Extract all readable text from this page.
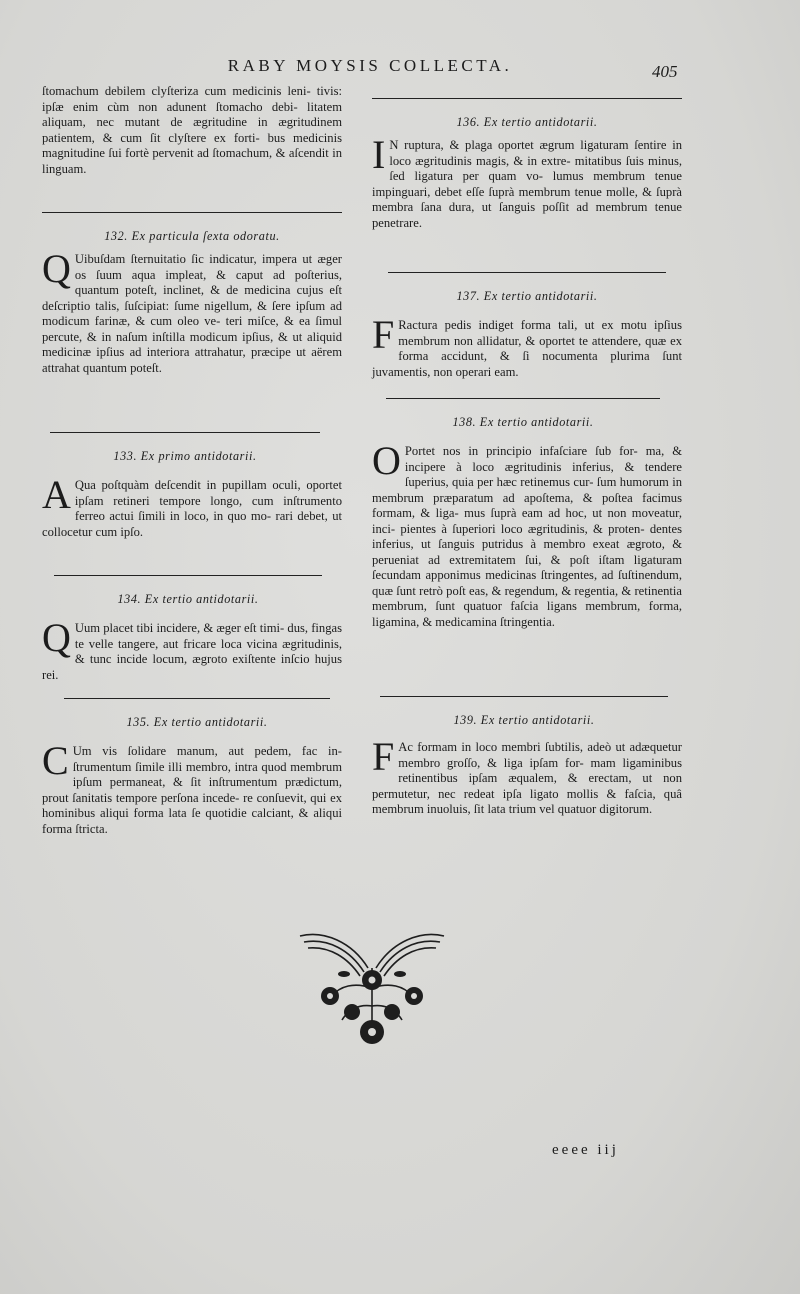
RABY MOYSIS COLLECTA.	405

ſtomachum debilem clyſteriza cum medicinis leni- tivis: ipſæ enim cùm non adunent ſtomacho debi- litatem aliquam, nec mutant de ægritudine in ægritudinem patientem, & cum ſit clyſtere ex forti- bus medicinis magnitudine ſui fortè pervenit ad ſtomachum, & aſcendit in linguam.

132. Ex particula ſexta odoratu.

Q Uibuſdam ſternuitatio ſic indicatur, impera ut æger os ſuum aqua impleat, & caput ad poſterius, quantum poteſt, inclinet, & de medicina cujus eſt deſcriptio talis, ſuſcipiat: ſume nigellum, & ſere ipſum ad modicum farinæ, & cum oleo ve- teri miſce, & ea ſimul percute, & in naſum inſtilla modicum ipſius, & ut aliquid medicinæ ipſius ad interiora attrahatur, præcipe ut aërem attrahat quantum poteſt.

133. Ex primo antidotarii.

A Qua poſtquàm deſcendit in pupillam oculi, oportet ipſam retineri tempore longo, cum inſtrumento ferreo actui ſimili in loco, in quo mo- rari debet, ut collocetur cum ipſo.

134. Ex tertio antidotarii.

Q Uum placet tibi incidere, & æger eſt timi- dus, fingas te velle tangere, aut fricare loca vicina ægritudinis, & tunc incide locum, ægroto exiſtente inſcio hujus rei.

135. Ex tertio antidotarii.

C Um vis ſolidare manum, aut pedem, fac in- ſtrumentum ſimile illi membro, intra quod membrum ipſum permaneat, & ſit inſtrumentum prædictum, prout ſanitatis tempore perſona incede- re conſuevit, qui ex hominibus aliqui forma lata ſe quotidie calciant, & aliqui forma ſtricta.

136. Ex tertio antidotarii.

I N ruptura, & plaga oportet ægrum ligaturam ſentire in loco ægritudinis magis, & in extre- mitatibus ſuis minus, ſed ligatura per quam vo- lumus membrum tenue impinguari, debet eſſe ſuprà membrum tenue molle, & ſuprà membra ſana dura, ut ſanguis poſſit ad membrum tenue penetrare.

137. Ex tertio antidotarii.

F Ractura pedis indiget forma tali, ut ex motu ipſius membrum non allidatur, & oportet te attendere, quæ ex forma accidunt, & ſi nocumenta plurima ſunt juvamentis, non operari eam.

138. Ex tertio antidotarii.

O Portet nos in principio infaſciare ſub for- ma, & incipere à loco ægritudinis inferius, & tendere ſuperius, quia per hæc retinemus cur- ſum humorum in membrum præparatum ad apoſtema, & poſtea facimus formam, & liga- mus ſuprà eam ad hoc, ut non moveatur, inci- pientes à ſuperiori loco ægritudinis, & proten- dentes inferius, ut ſanguis putridus à membro exeat ægroto, & perueniat ad extremitatem ſui, & poſt iſtam ligaturam ſecundam apponimus medicinas ſtringentes, ad ſuſtinendum, quæ ſunt retrò poſt eas, & regendum, & regentia, & retinentia membrum, ſunt quatuor faſcia ligans membrum, forma, ligamina, & medicamina ſtringentia.

139. Ex tertio antidotarii.

F Ac formam in loco membri ſubtilis, adeò ut adæquetur membro groſſo, & liga ipſam for- mam ligaminibus retinentibus ipſam æqualem, & erectam, ut non permutetur, nec redeat ipſa ligato mollis & faſcia, quâ membrum inuoluis, ſit lata trium vel quatuor digitorum.

eeee iij
